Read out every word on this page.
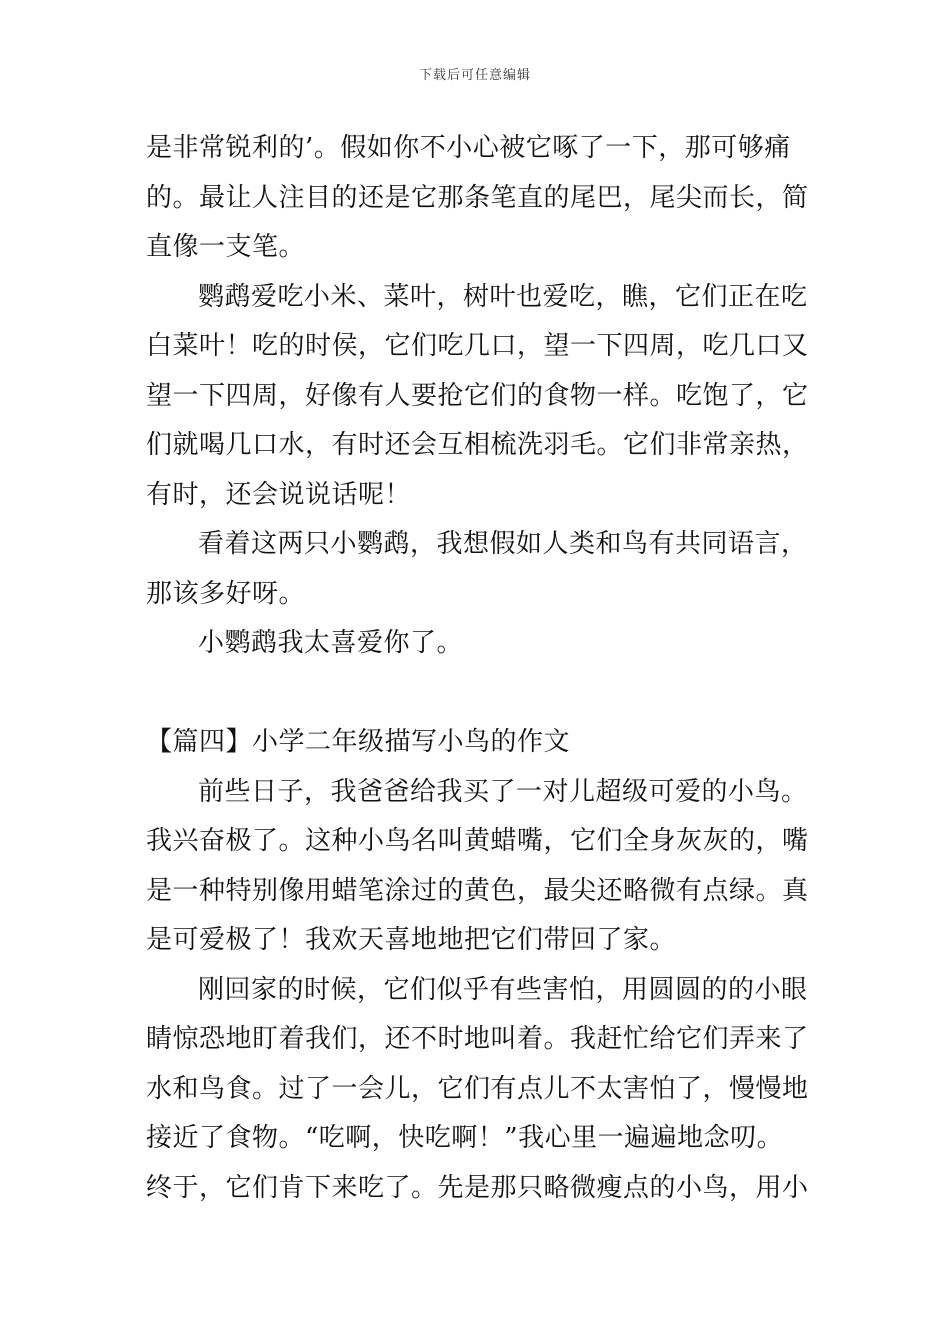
下载后可任意编辑
是非常锐利的’。假如你不小心被它啄了一下，那可够痛
的。最让人注目的还是它那条笔直的尾巴，尾尖而长，简
直像一支笔。
鹦鹉爱吃小米、菜叶，树叶也爱吃，瞧，它们正在吃
白菜叶！吃的时侯，它们吃几口，望一下四周，吃几口又
望一下四周，好像有人要抢它们的食物一样。吃饱了，它
们就喝几口水，有时还会互相梳洗羽毛。它们非常亲热，
有时，还会说说话呢！
看着这两只小鹦鹉，我想假如人类和鸟有共同语言，
那该多好呀。
小鹦鹉我太喜爱你了。
【篇四】小学二年级描写小鸟的作文
前些日子，我爸爸给我买了一对儿超级可爱的小鸟。
我兴奋极了。这种小鸟名叫黄蜡嘴，它们全身灰灰的，嘴
是一种特别像用蜡笔涂过的黄色，最尖还略微有点绿。真
是可爱极了！我欢天喜地地把它们带回了家。
刚回家的时候，它们似乎有些害怕，用圆圆的的小眼
睛惊恐地盯着我们，还不时地叫着。我赶忙给它们弄来了
水和鸟食。过了一会儿，它们有点儿不太害怕了，慢慢地
接近了食物。“吃啊，快吃啊！”我心里一遍遍地念叨。
终于，它们肯下来吃了。先是那只略微瘦点的小鸟，用小
